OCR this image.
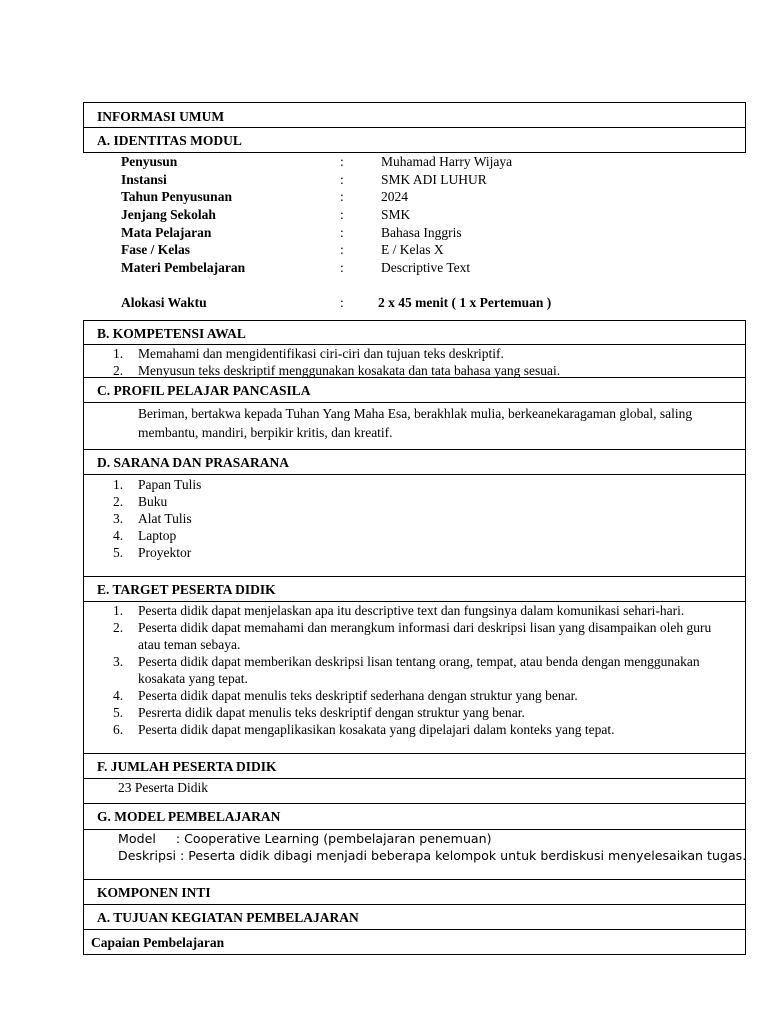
INFORMASI UMUM
A. IDENTITAS MODUL
Penyusun	:	Muhamad Harry Wijaya
Instansi	:	SMK ADI LUHUR
Tahun Penyusunan	:	2024
Jenjang Sekolah	:	SMK
Mata Pelajaran	:	Bahasa Inggris
Fase / Kelas	:	E / Kelas X
Materi Pembelajaran	:	Descriptive Text
Alokasi Waktu	:	2 x 45 menit ( 1 x Pertemuan )
B. KOMPETENSI AWAL
1. Memahami dan mengidentifikasi ciri-ciri dan tujuan teks deskriptif.
2. Menyusun teks deskriptif menggunakan kosakata dan tata bahasa yang sesuai.
C. PROFIL PELAJAR PANCASILA
Beriman, bertakwa kepada Tuhan Yang Maha Esa, berakhlak mulia, berkeanekaragaman global, saling membantu, mandiri, berpikir kritis, dan kreatif.
D. SARANA DAN PRASARANA
1. Papan Tulis
2. Buku
3. Alat Tulis
4. Laptop
5. Proyektor
E. TARGET PESERTA DIDIK
1. Peserta didik dapat menjelaskan apa itu descriptive text dan fungsinya dalam komunikasi sehari-hari.
2. Peserta didik dapat memahami dan merangkum informasi dari deskripsi lisan yang disampaikan oleh guru atau teman sebaya.
3. Peserta didik dapat memberikan deskripsi lisan tentang orang, tempat, atau benda dengan menggunakan kosakata yang tepat.
4. Peserta didik dapat menulis teks deskriptif sederhana dengan struktur yang benar.
5. Pesrerta didik dapat menulis teks deskriptif dengan struktur yang benar.
6. Peserta didik dapat mengaplikasikan kosakata yang dipelajari dalam konteks yang tepat.
F. JUMLAH PESERTA DIDIK
23 Peserta Didik
G. MODEL PEMBELAJARAN
Model     : Cooperative Learning (pembelajaran penemuan)
Deskripsi : Peserta didik dibagi menjadi beberapa kelompok untuk berdiskusi menyelesaikan tugas.
KOMPONEN INTI
A. TUJUAN KEGIATAN PEMBELAJARAN
Capaian Pembelajaran
